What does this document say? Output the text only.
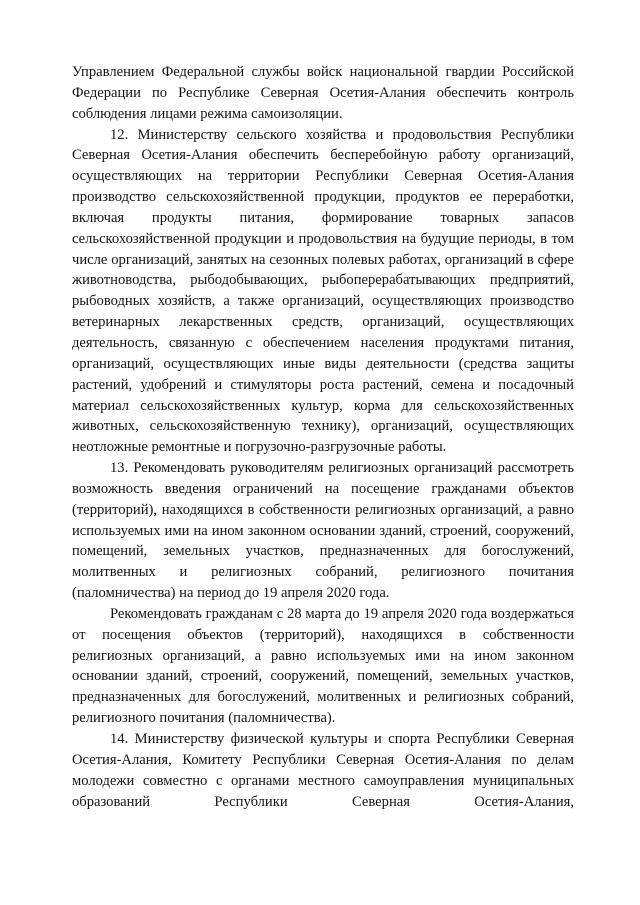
Управлением Федеральной службы войск национальной гвардии Российской Федерации по Республике Северная Осетия-Алания обеспечить контроль соблюдения лицами режима самоизоляции.

12. Министерству сельского хозяйства и продовольствия Республики Северная Осетия-Алания обеспечить бесперебойную работу организаций, осуществляющих на территории Республики Северная Осетия-Алания производство сельскохозяйственной продукции, продуктов ее переработки, включая продукты питания, формирование товарных запасов сельскохозяйственной продукции и продовольствия на будущие периоды, в том числе организаций, занятых на сезонных полевых работах, организаций в сфере животноводства, рыбодобывающих, рыбоперерабатывающих предприятий, рыбоводных хозяйств, а также организаций, осуществляющих производство ветеринарных лекарственных средств, организаций, осуществляющих деятельность, связанную с обеспечением населения продуктами питания, организаций, осуществляющих иные виды деятельности (средства защиты растений, удобрений и стимуляторы роста растений, семена и посадочный материал сельскохозяйственных культур, корма для сельскохозяйственных животных, сельскохозяйственную технику), организаций, осуществляющих неотложные ремонтные и погрузочно-разгрузочные работы.

13. Рекомендовать руководителям религиозных организаций рассмотреть возможность введения ограничений на посещение гражданами объектов (территорий), находящихся в собственности религиозных организаций, а равно используемых ими на ином законном основании зданий, строений, сооружений, помещений, земельных участков, предназначенных для богослужений, молитвенных и религиозных собраний, религиозного почитания (паломничества) на период до 19 апреля 2020 года.

Рекомендовать гражданам с 28 марта до 19 апреля 2020 года воздержаться от посещения объектов (территорий), находящихся в собственности религиозных организаций, а равно используемых ими на ином законном основании зданий, строений, сооружений, помещений, земельных участков, предназначенных для богослужений, молитвенных и религиозных собраний, религиозного почитания (паломничества).

14. Министерству физической культуры и спорта Республики Северная Осетия-Алания, Комитету Республики Северная Осетия-Алания по делам молодежи совместно с органами местного самоуправления муниципальных образований Республики Северная Осетия-Алания,
